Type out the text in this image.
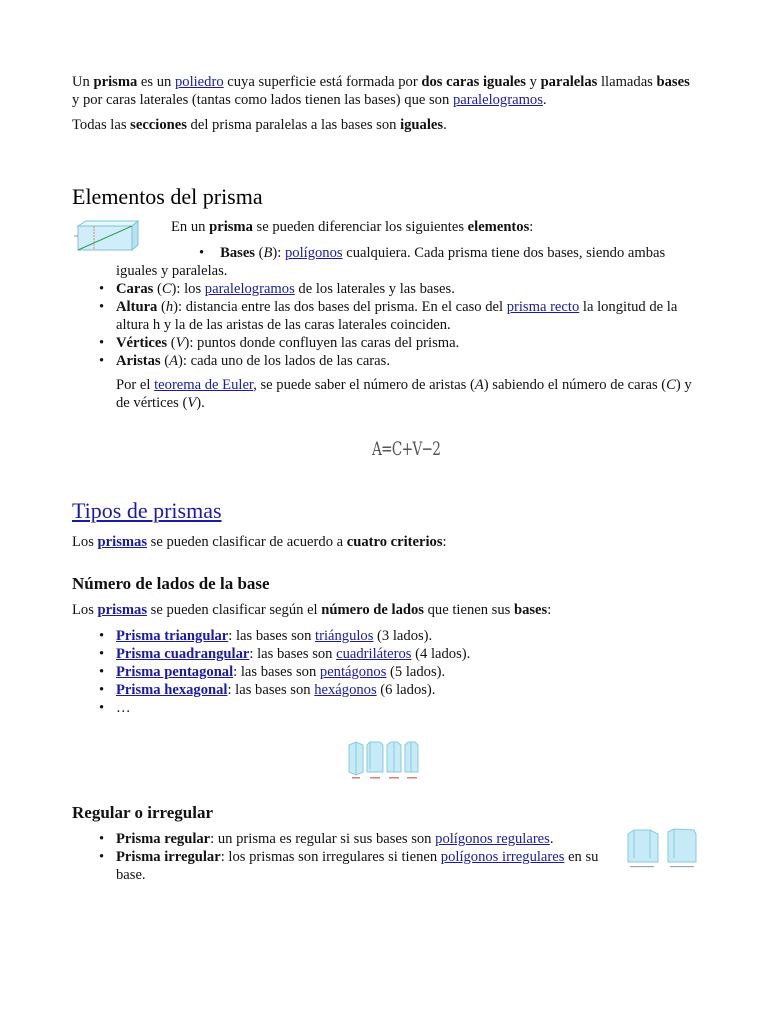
Un prisma es un poliedro cuya superficie está formada por dos caras iguales y paralelas llamadas bases y por caras laterales (tantas como lados tienen las bases) que son paralelogramos.

Todas las secciones del prisma paralelas a las bases son iguales.

Elementos del prisma

En un prisma se pueden diferenciar los siguientes elementos:

• Bases (B): polígonos cualquiera. Cada prisma tiene dos bases, siendo ambas iguales y paralelas.
• Caras (C): los paralelogramos de los laterales y las bases.
• Altura (h): distancia entre las dos bases del prisma. En el caso del prisma recto la longitud de la altura h y la de las aristas de las caras laterales coinciden.
• Vértices (V): puntos donde confluyen las caras del prisma.
• Aristas (A): cada uno de los lados de las caras.

Por el teorema de Euler, se puede saber el número de aristas (A) sabiendo el número de caras (C) y de vértices (V).

A=C+V−2
Tipos de prismas

Los prismas se pueden clasificar de acuerdo a cuatro criterios:

Número de lados de la base

Los prismas se pueden clasificar según el número de lados que tienen sus bases:

• Prisma triangular: las bases son triángulos (3 lados).
• Prisma cuadrangular: las bases son cuadriláteros (4 lados).
• Prisma pentagonal: las bases son pentágonos (5 lados).
• Prisma hexagonal: las bases son hexágonos (6 lados).
• …
Regular o irregular
• Prisma regular: un prisma es regular si sus bases son polígonos regulares.
• Prisma irregular: los prismas son irregulares si tienen polígonos irregulares en su base.
